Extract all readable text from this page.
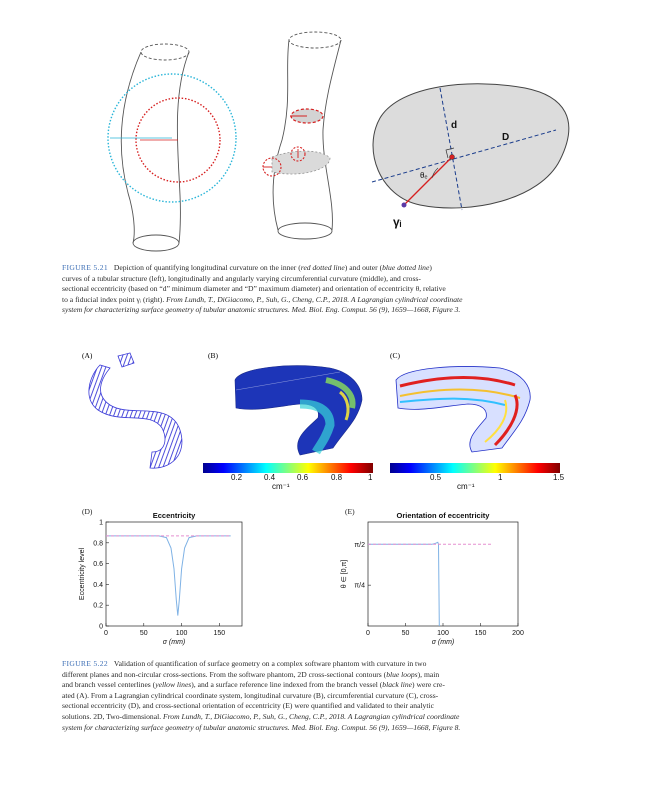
d
D
θₑ
γᵢ
FIGURE 5.21 Depiction of quantifying longitudinal curvature on the inner (red dotted line) and outer (blue dotted line)
curves of a tubular structure (left), longitudinally and angularly varying circumferential curvature (middle), and cross-
sectional eccentricity (based on “d” minimum diameter and “D” maximum diameter) and orientation of eccentricity θ, relative
to a fiducial index point γᵢ (right). From Lundh, T., DiGiacomo, P., Suh, G., Cheng, C.P., 2018. A Lagrangian cylindrical coordinate
system for characterizing surface geometry of tubular anatomic structures. Med. Biol. Eng. Comput. 56 (9), 1659—1668, Figure 3.
(A)	(B)	(C)
0.2	0.4	0.6	0.8	1
cm⁻¹
0.5	1	1.5
cm⁻¹
(D)	(E)
Eccentricity
0	50	100	150
0
0.2
0.4
0.6
0.8
1
σ (mm)
Eccentricity level
Orientation of eccentricity
0	50	100	150	200
π/4
π/2
σ (mm)
θ ∈ [0,π]
FIGURE 5.22 Validation of quantification of surface geometry on a complex software phantom with curvature in two
different planes and non-circular cross-sections. From the software phantom, 2D cross-sectional contours (blue loops), main
and branch vessel centerlines (yellow lines), and a surface reference line indexed from the branch vessel (black line) were cre-
ated (A). From a Lagrangian cylindrical coordinate system, longitudinal curvature (B), circumferential curvature (C), cross-
sectional eccentricity (D), and cross-sectional orientation of eccentricity (E) were quantified and validated to their analytic
solutions. 2D, Two-dimensional. From Lundh, T., DiGiacomo, P., Suh, G., Cheng, C.P., 2018. A Lagrangian cylindrical coordinate
system for characterizing surface geometry of tubular anatomic structures. Med. Biol. Eng. Comput. 56 (9), 1659—1668, Figure 8.
